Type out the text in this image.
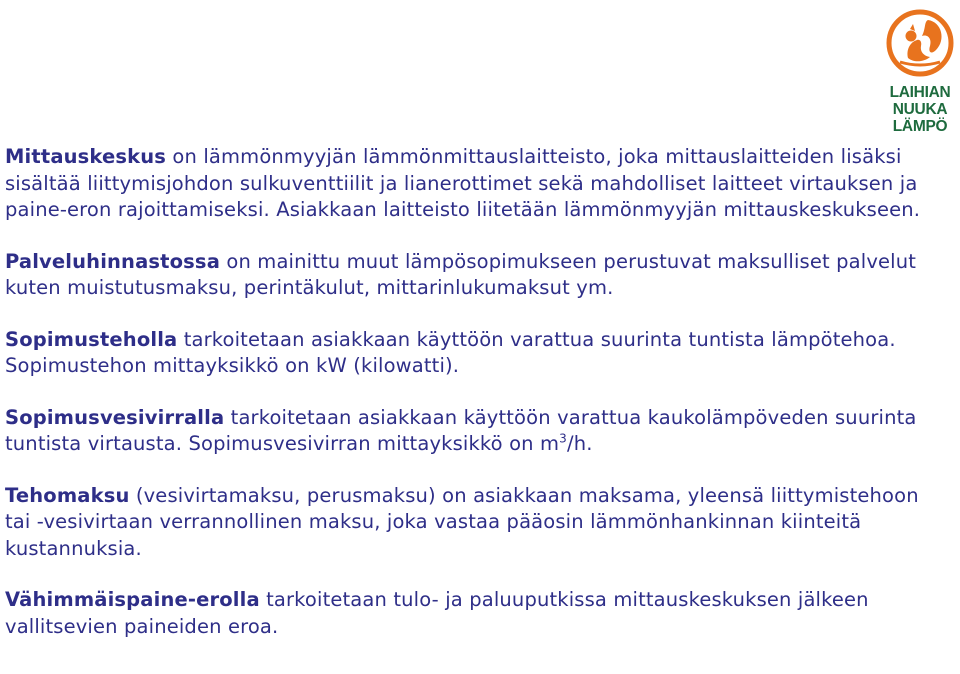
LAIHIAN
NUUKA
LÄMPÖ

Mittauskeskus on lämmönmyyjän lämmönmittauslaitteisto, joka mittauslaitteiden lisäksi sisältää liittymisjohdon sulkuventtiilit ja lianerottimet sekä mahdolliset laitteet virtauksen ja paine-eron rajoittamiseksi. Asiakkaan laitteisto liitetään lämmönmyyjän mittauskeskukseen.

Palveluhinnastossa on mainittu muut lämpösopimukseen perustuvat maksulliset palvelut kuten muistutusmaksu, perintäkulut, mittarinlukumaksut ym.

Sopimusteholla tarkoitetaan asiakkaan käyttöön varattua suurinta tuntista lämpötehoa. Sopimustehon mittayksikkö on kW (kilowatti).

Sopimusvesivirralla tarkoitetaan asiakkaan käyttöön varattua kaukolämpöveden suurinta tuntista virtausta. Sopimusvesivirran mittayksikkö on $m^3/h$.

Tehomaksu (vesivirtamaksu, perusmaksu) on asiakkaan maksama, yleensä liittymistehoon tai -vesivirtaan verrannollinen maksu, joka vastaa pääosin lämmönhankinnan kiinteitä kustannuksia.

Vähimmäispaine-erolla tarkoitetaan tulo- ja paluuputkissa mittauskeskuksen jälkeen vallitsevien paineiden eroa.
